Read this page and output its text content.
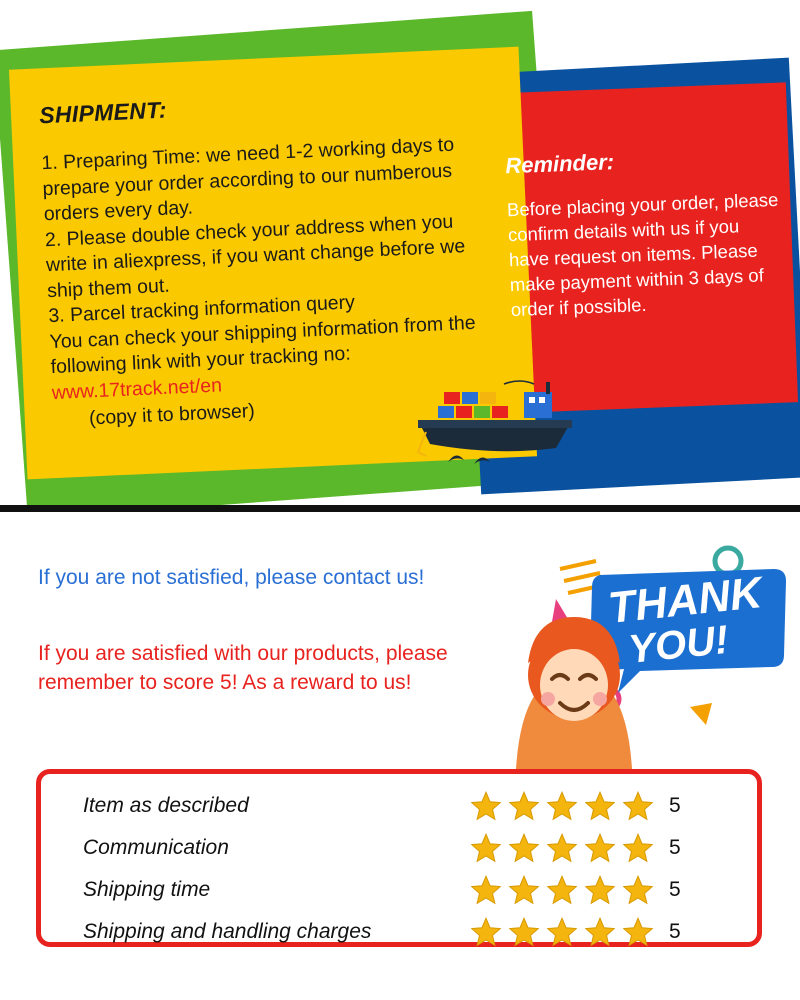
SHIPMENT:
1. Preparing Time: we need 1-2 working days to prepare your order according to our numberous orders every day.
2. Please double check your address when you write in aliexpress, if you want change before we ship them out.
3. Parcel tracking information query
You can check your shipping information from the following link with your tracking no: www.17track.net/en
(copy it to browser)
Reminder:
Before placing your order, please confirm details with us if you have request on items. Please make payment within 3 days of order if possible.
If you are not satisfied, please contact us!
If you are satisfied with our products, please remember to score 5! As a reward to us!
THANK
YOU!
Item as described	5
Communication	5
Shipping time	5
Shipping and handling charges	5
